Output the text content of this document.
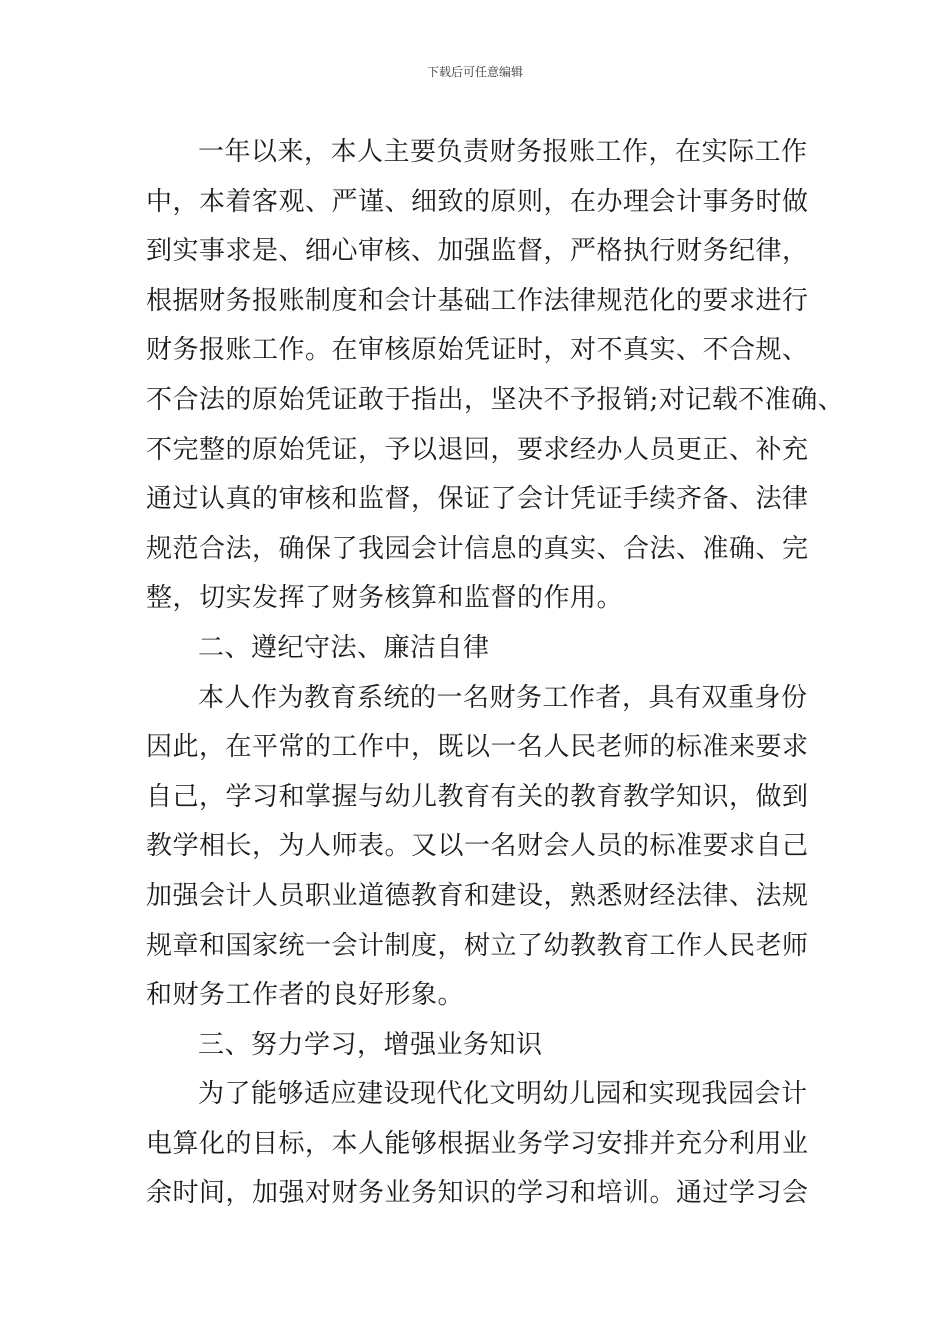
下载后可任意编辑
一年以来，本人主要负责财务报账工作，在实际工作
中，本着客观、严谨、细致的原则，在办理会计事务时做
到实事求是、细心审核、加强监督，严格执行财务纪律，
根据财务报账制度和会计基础工作法律规范化的要求进行
财务报账工作。在审核原始凭证时，对不真实、不合规、
不合法的原始凭证敢于指出，坚决不予报销;对记载不准确、
不完整的原始凭证，予以退回，要求经办人员更正、补充
通过认真的审核和监督，保证了会计凭证手续齐备、法律
规范合法，确保了我园会计信息的真实、合法、准确、完
整，切实发挥了财务核算和监督的作用。
二、遵纪守法、廉洁自律
本人作为教育系统的一名财务工作者，具有双重身份
因此，在平常的工作中，既以一名人民老师的标准来要求
自己，学习和掌握与幼儿教育有关的教育教学知识，做到
教学相长，为人师表。又以一名财会人员的标准要求自己
加强会计人员职业道德教育和建设，熟悉财经法律、法规
规章和国家统一会计制度，树立了幼教教育工作人民老师
和财务工作者的良好形象。
三、努力学习，增强业务知识
为了能够适应建设现代化文明幼儿园和实现我园会计
电算化的目标，本人能够根据业务学习安排并充分利用业
余时间，加强对财务业务知识的学习和培训。通过学习会
